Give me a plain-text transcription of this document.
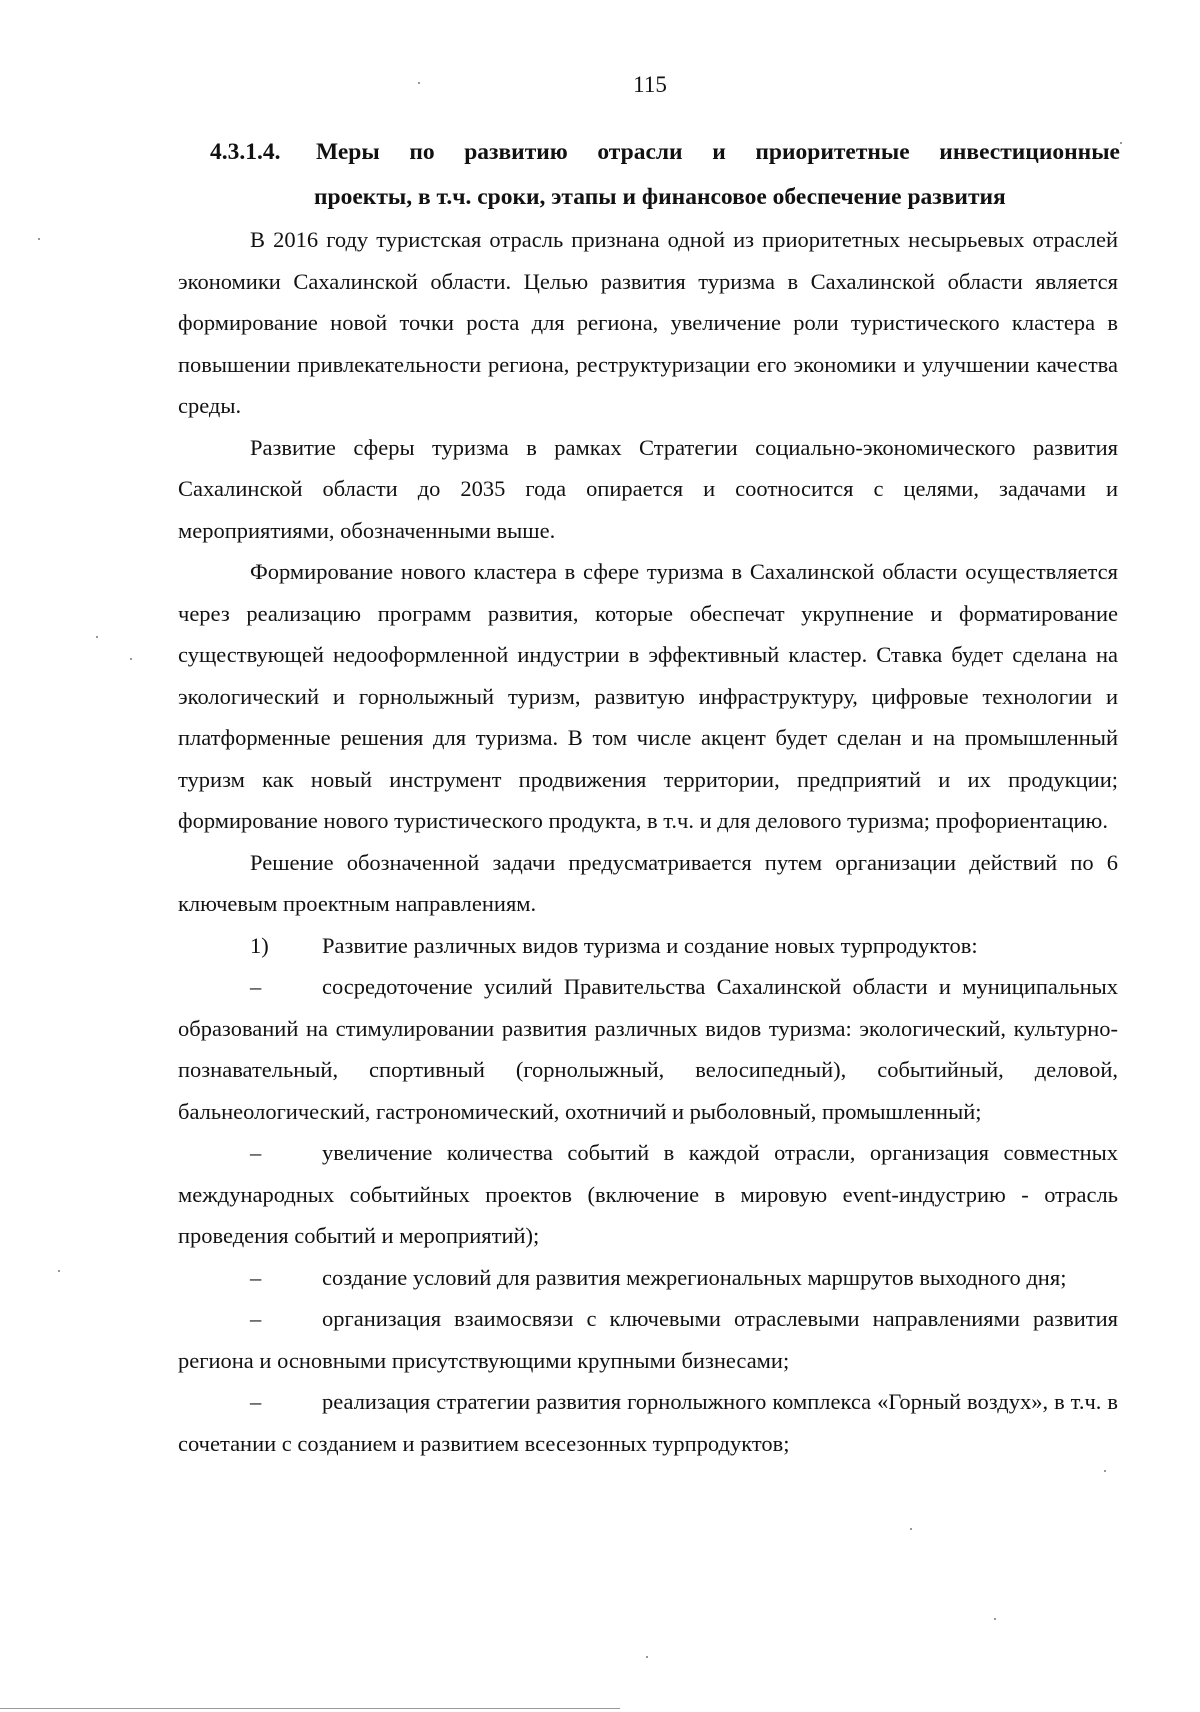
115
4.3.1.4.	Меры по развитию отрасли и приоритетные инвестиционные
проекты, в т.ч. сроки, этапы и финансовое обеспечение развития

В 2016 году туристская отрасль признана одной из приоритетных несырьевых отраслей экономики Сахалинской области. Целью развития туризма в Сахалинской области является формирование новой точки роста для региона, увеличение роли туристического кластера в повышении привлекательности региона, реструктуризации его экономики и улучшении качества среды.

Развитие сферы туризма в рамках Стратегии социально-экономического развития Сахалинской области до 2035 года опирается и соотносится с целями, задачами и мероприятиями, обозначенными выше.

Формирование нового кластера в сфере туризма в Сахалинской области осуществляется через реализацию программ развития, которые обеспечат укрупнение и форматирование существующей недооформленной индустрии в эффективный кластер. Ставка будет сделана на экологический и горнолыжный туризм, развитую инфраструктуру, цифровые технологии и платформенные решения для туризма. В том числе акцент будет сделан и на промышленный туризм как новый инструмент продвижения территории, предприятий и их продукции; формирование нового туристического продукта, в т.ч. и для делового туризма; профориентацию.

Решение обозначенной задачи предусматривается путем организации действий по 6 ключевым проектным направлениям.

1)	Развитие различных видов туризма и создание новых турпродуктов:

–	сосредоточение усилий Правительства Сахалинской области и муниципальных образований на стимулировании развития различных видов туризма: экологический, культурно-познавательный, спортивный (горнолыжный, велосипедный), событийный, деловой, бальнеологический, гастрономический, охотничий и рыболовный, промышленный;

–	увеличение количества событий в каждой отрасли, организация совместных международных событийных проектов (включение в мировую event-индустрию - отрасль проведения событий и мероприятий);

–	создание условий для развития межрегиональных маршрутов выходного дня;

–	организация взаимосвязи с ключевыми отраслевыми направлениями развития региона и основными присутствующими крупными бизнесами;

–	реализация стратегии развития горнолыжного комплекса «Горный воздух», в т.ч. в сочетании с созданием и развитием всесезонных турпродуктов;
